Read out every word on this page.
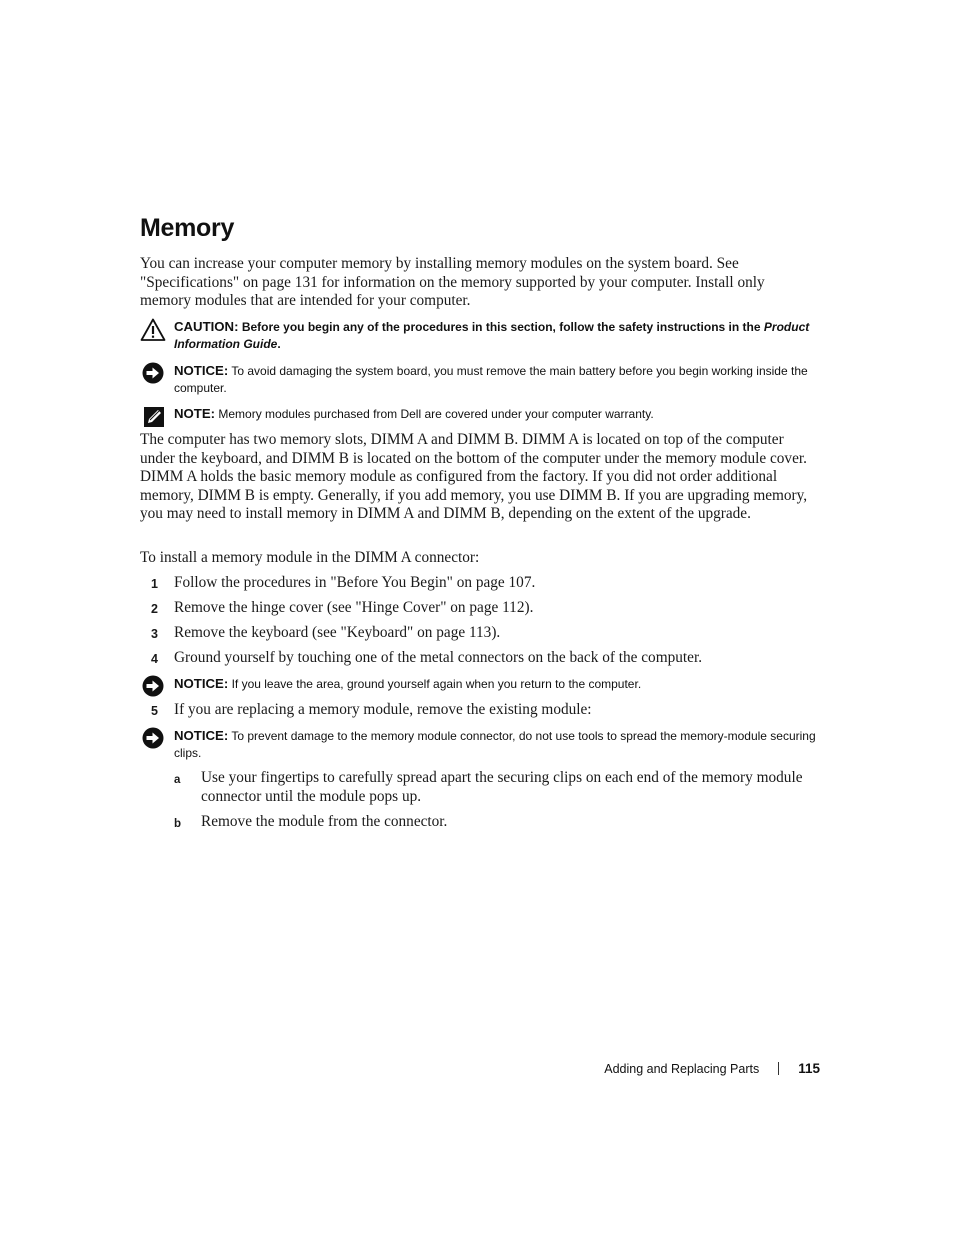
Memory

You can increase your computer memory by installing memory modules on the system board. See "Specifications" on page 131 for information on the memory supported by your computer. Install only memory modules that are intended for your computer.

CAUTION: Before you begin any of the procedures in this section, follow the safety instructions in the Product Information Guide.
NOTICE: To avoid damaging the system board, you must remove the main battery before you begin working inside the computer.
NOTE: Memory modules purchased from Dell are covered under your computer warranty.

The computer has two memory slots, DIMM A and DIMM B. DIMM A is located on top of the computer under the keyboard, and DIMM B is located on the bottom of the computer under the memory module cover. DIMM A holds the basic memory module as configured from the factory. If you did not order additional memory, DIMM B is empty. Generally, if you add memory, you use DIMM B. If you are upgrading memory, you may need to install memory in DIMM A and DIMM B, depending on the extent of the upgrade.

To install a memory module in the DIMM A connector:

1 Follow the procedures in "Before You Begin" on page 107.
2 Remove the hinge cover (see "Hinge Cover" on page 112).
3 Remove the keyboard (see "Keyboard" on page 113).
4 Ground yourself by touching one of the metal connectors on the back of the computer.
NOTICE: If you leave the area, ground yourself again when you return to the computer.
5 If you are replacing a memory module, remove the existing module:
NOTICE: To prevent damage to the memory module connector, do not use tools to spread the memory-module securing clips.
a Use your fingertips to carefully spread apart the securing clips on each end of the memory module connector until the module pops up.
b Remove the module from the connector.
Adding and Replacing Parts	115
